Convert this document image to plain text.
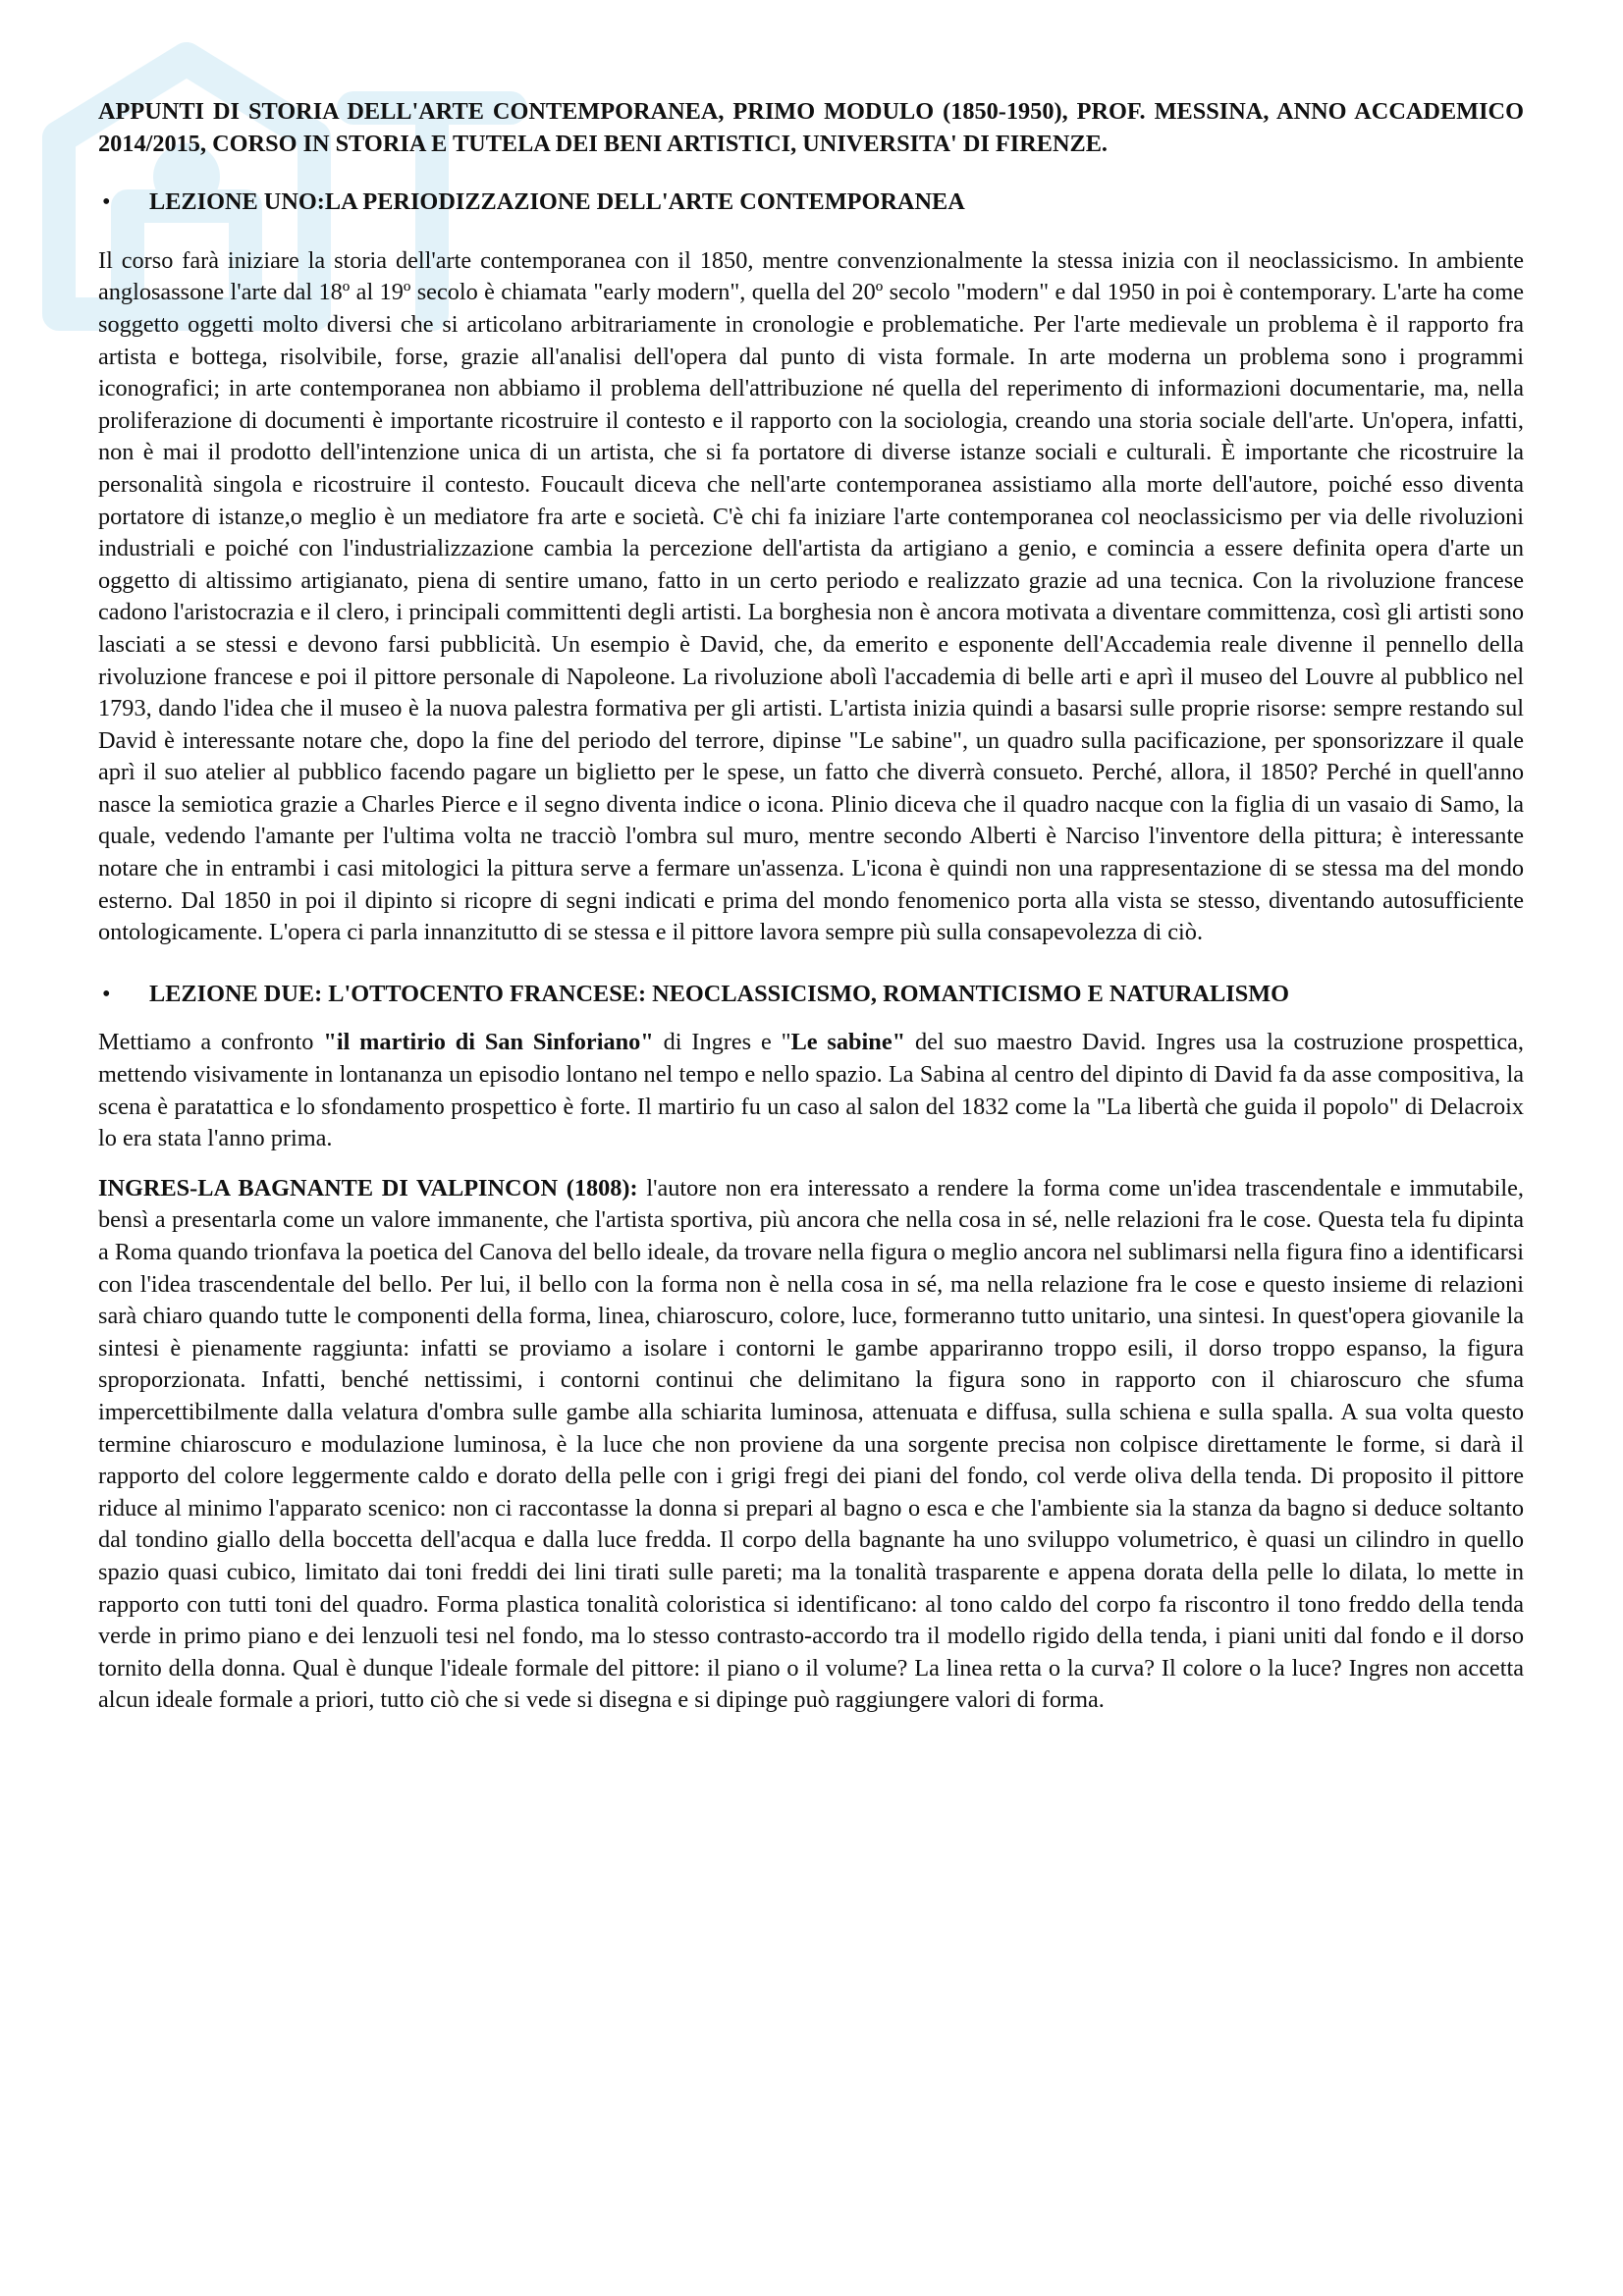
APPUNTI DI STORIA DELL'ARTE CONTEMPORANEA, PRIMO MODULO (1850-1950), PROF. MESSINA, ANNO ACCADEMICO 2014/2015, CORSO IN STORIA E TUTELA DEI BENI ARTISTICI, UNIVERSITA' DI FIRENZE.
• LEZIONE UNO:LA PERIODIZZAZIONE DELL'ARTE CONTEMPORANEA

Il corso farà iniziare la storia dell'arte contemporanea con il 1850, mentre convenzionalmente la stessa inizia con il neoclassicismo. In ambiente anglosassone l'arte dal 18º al 19º secolo è chiamata "early modern", quella del 20º secolo "modern" e dal 1950 in poi è contemporary. L'arte ha come soggetto oggetti molto diversi che si articolano arbitrariamente in cronologie e problematiche. Per l'arte medievale un problema è il rapporto fra artista e bottega, risolvibile, forse, grazie all'analisi dell'opera dal punto di vista formale. In arte moderna un problema sono i programmi iconografici; in arte contemporanea non abbiamo il problema dell'attribuzione né quella del reperimento di informazioni documentarie, ma, nella proliferazione di documenti è importante ricostruire il contesto e il rapporto con la sociologia, creando una storia sociale dell'arte. Un'opera, infatti, non è mai il prodotto dell'intenzione unica di un artista, che si fa portatore di diverse istanze sociali e culturali. È importante che ricostruire la personalità singola e ricostruire il contesto. Foucault diceva che nell'arte contemporanea assistiamo alla morte dell'autore, poiché esso diventa portatore di istanze,o meglio è un mediatore fra arte e società. C'è chi fa iniziare l'arte contemporanea col neoclassicismo per via delle rivoluzioni industriali e poiché con l'industrializzazione cambia la percezione dell'artista da artigiano a genio, e comincia a essere definita opera d'arte un oggetto di altissimo artigianato, piena di sentire umano, fatto in un certo periodo e realizzato grazie ad una tecnica. Con la rivoluzione francese cadono l'aristocrazia e il clero, i principali committenti degli artisti. La borghesia non è ancora motivata a diventare committenza, così gli artisti sono lasciati a se stessi e devono farsi pubblicità. Un esempio è David, che, da emerito e esponente dell'Accademia reale divenne il pennello della rivoluzione francese e poi il pittore personale di Napoleone. La rivoluzione abolì l'accademia di belle arti e aprì il museo del Louvre al pubblico nel 1793, dando l'idea che il museo è la nuova palestra formativa per gli artisti. L'artista inizia quindi a basarsi sulle proprie risorse: sempre restando sul David è interessante notare che, dopo la fine del periodo del terrore, dipinse "Le sabine", un quadro sulla pacificazione, per sponsorizzare il quale aprì il suo atelier al pubblico facendo pagare un biglietto per le spese, un fatto che diverrà consueto. Perché, allora, il 1850? Perché in quell'anno nasce la semiotica grazie a Charles Pierce e il segno diventa indice o icona. Plinio diceva che il quadro nacque con la figlia di un vasaio di Samo, la quale, vedendo l'amante per l'ultima volta ne tracciò l'ombra sul muro, mentre secondo Alberti è Narciso l'inventore della pittura; è interessante notare che in entrambi i casi mitologici la pittura serve a fermare un'assenza. L'icona è quindi non una rappresentazione di se stessa ma del mondo esterno. Dal 1850 in poi il dipinto si ricopre di segni indicati e prima del mondo fenomenico porta alla vista se stesso, diventando autosufficiente ontologicamente. L'opera ci parla innanzitutto di se stessa e il pittore lavora sempre più sulla consapevolezza di ciò.

• LEZIONE DUE: L'OTTOCENTO FRANCESE: NEOCLASSICISMO, ROMANTICISMO E NATURALISMO

Mettiamo a confronto "il martirio di San Sinforiano" di Ingres e "Le sabine" del suo maestro David. Ingres usa la costruzione prospettica, mettendo visivamente in lontananza un episodio lontano nel tempo e nello spazio. La Sabina al centro del dipinto di David fa da asse compositiva, la scena è paratattica e lo sfondamento prospettico è forte. Il martirio fu un caso al salon del 1832 come la "La libertà che guida il popolo" di Delacroix lo era stata l'anno prima.

INGRES-LA BAGNANTE DI VALPINCON (1808): l'autore non era interessato a rendere la forma come un'idea trascendentale e immutabile, bensì a presentarla come un valore immanente, che l'artista sportiva, più ancora che nella cosa in sé, nelle relazioni fra le cose. Questa tela fu dipinta a Roma quando trionfava la poetica del Canova del bello ideale, da trovare nella figura o meglio ancora nel sublimarsi nella figura fino a identificarsi con l'idea trascendentale del bello. Per lui, il bello con la forma non è nella cosa in sé, ma nella relazione fra le cose e questo insieme di relazioni sarà chiaro quando tutte le componenti della forma, linea, chiaroscuro, colore, luce, formeranno tutto unitario, una sintesi. In quest'opera giovanile la sintesi è pienamente raggiunta: infatti se proviamo a isolare i contorni le gambe appariranno troppo esili, il dorso troppo espanso, la figura sproporzionata. Infatti, benché nettissimi, i contorni continui che delimitano la figura sono in rapporto con il chiaroscuro che sfuma impercettibilmente dalla velatura d'ombra sulle gambe alla schiarita luminosa, attenuata e diffusa, sulla schiena e sulla spalla. A sua volta questo termine chiaroscuro e modulazione luminosa, è la luce che non proviene da una sorgente precisa non colpisce direttamente le forme, si darà il rapporto del colore leggermente caldo e dorato della pelle con i grigi fregi dei piani del fondo, col verde oliva della tenda. Di proposito il pittore riduce al minimo l'apparato scenico: non ci raccontasse la donna si prepari al bagno o esca e che l'ambiente sia la stanza da bagno si deduce soltanto dal tondino giallo della boccetta dell'acqua e dalla luce fredda. Il corpo della bagnante ha uno sviluppo volumetrico, è quasi un cilindro in quello spazio quasi cubico, limitato dai toni freddi dei lini tirati sulle pareti; ma la tonalità trasparente e appena dorata della pelle lo dilata, lo mette in rapporto con tutti toni del quadro. Forma plastica tonalità coloristica si identificano: al tono caldo del corpo fa riscontro il tono freddo della tenda verde in primo piano e dei lenzuoli tesi nel fondo, ma lo stesso contrasto-accordo tra il modello rigido della tenda, i piani uniti dal fondo e il dorso tornito della donna. Qual è dunque l'ideale formale del pittore: il piano o il volume? La linea retta o la curva? Il colore o la luce? Ingres non accetta alcun ideale formale a priori, tutto ciò che si vede si disegna e si dipinge può raggiungere valori di forma.
